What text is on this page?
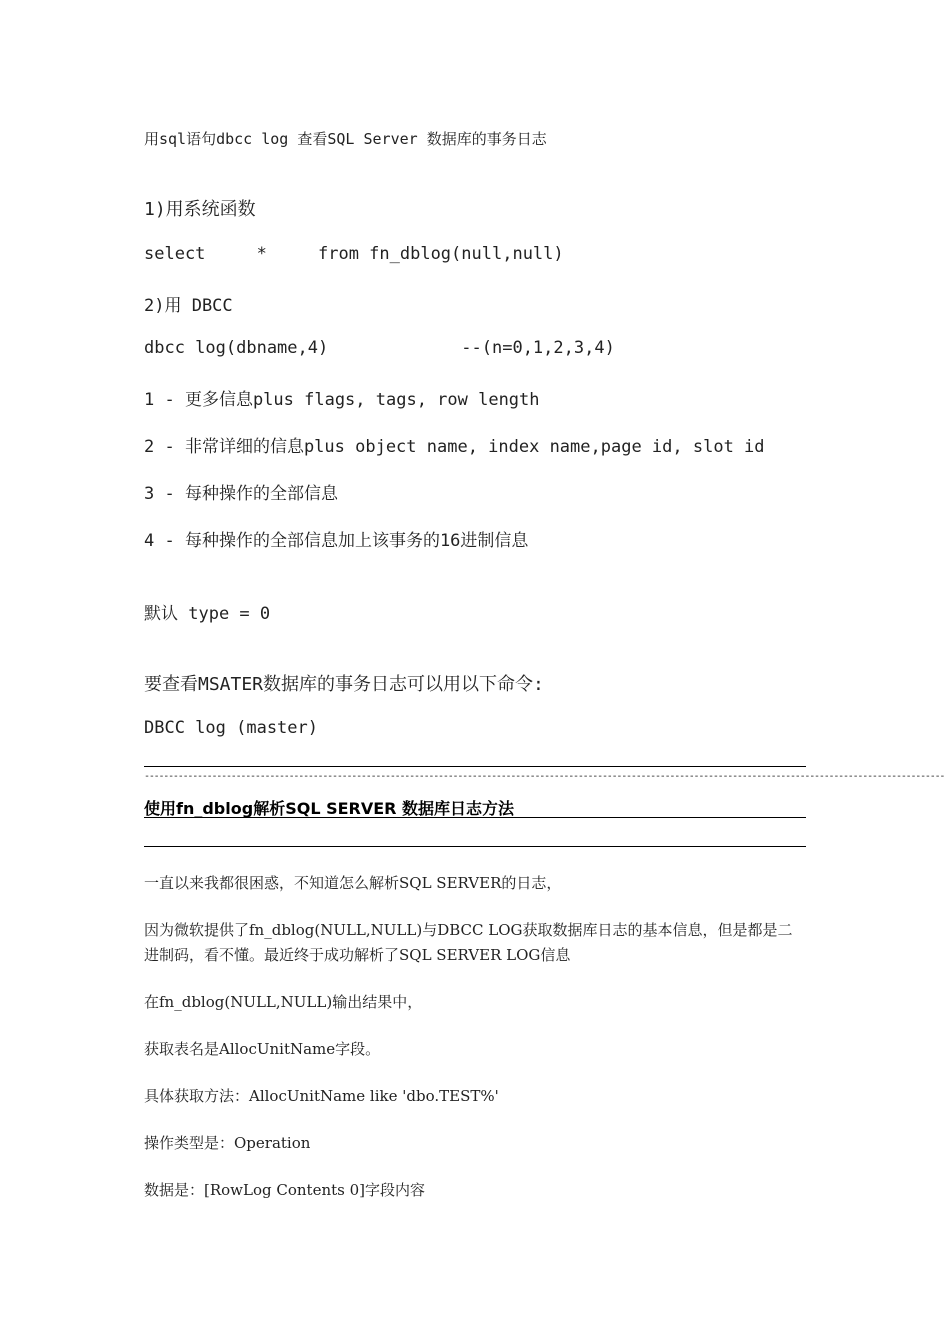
用sql语句dbcc log 查看SQL Server 数据库的事务日志
1)用系统函数
select     *     from fn_dblog(null,null)
2)用 DBCC
dbcc log(dbname,4)             --(n=0,1,2,3,4)
1 - 更多信息plus flags, tags, row length
2 - 非常详细的信息plus object name, index name,page id, slot id
3 - 每种操作的全部信息
4 - 每种操作的全部信息加上该事务的16进制信息
默认 type = 0
要查看MSATER数据库的事务日志可以用以下命令:
DBCC log (master)
----------------------------------------------------------------------------------------------------------------------------------------------------------------------
使用fn_dblog解析SQL SERVER 数据库日志方法
一直以来我都很困惑，不知道怎么解析SQL SERVER的日志，
因为微软提供了fn_dblog(NULL,NULL)与DBCC LOG获取数据库日志的基本信息，但是都是二进制码，看不懂。最近终于成功解析了SQL SERVER LOG信息
在fn_dblog(NULL,NULL)输出结果中，
获取表名是AllocUnitName字段。
具体获取方法：AllocUnitName like 'dbo.TEST%'
操作类型是：Operation
数据是：[RowLog Contents 0]字段内容
